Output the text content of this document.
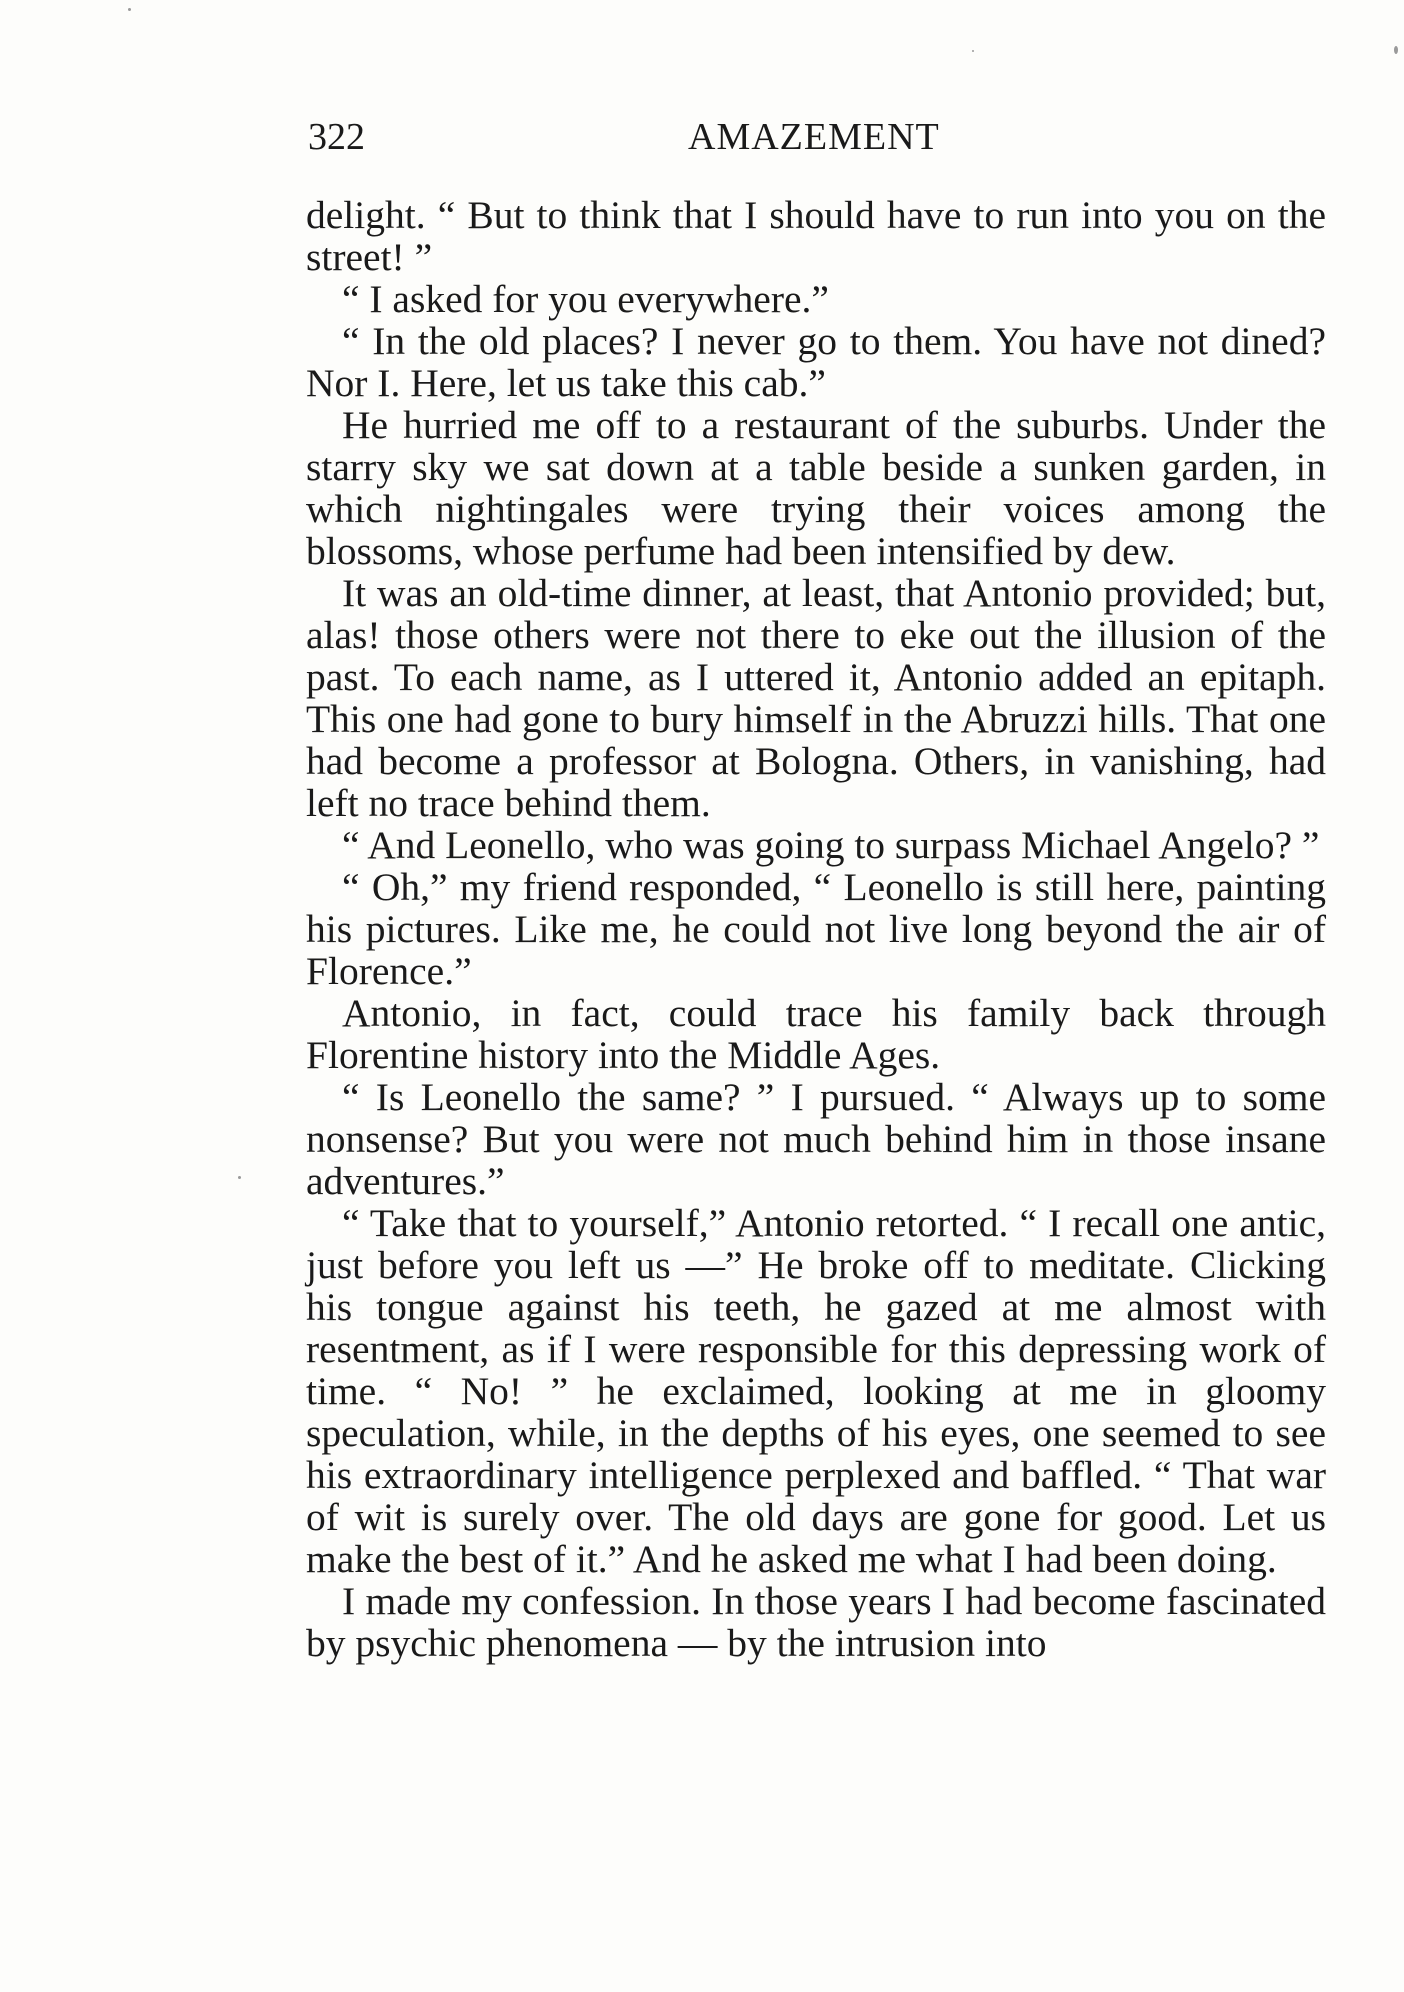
322	AMAZEMENT

delight. “ But to think that I should have to run into you on the street! ”

“ I asked for you everywhere.”

“ In the old places? I never go to them. You have not dined? Nor I. Here, let us take this cab.”

He hurried me off to a restaurant of the suburbs. Under the starry sky we sat down at a table beside a sunken garden, in which nightingales were trying their voices among the blossoms, whose perfume had been intensified by dew.

It was an old-time dinner, at least, that Antonio provided; but, alas! those others were not there to eke out the illusion of the past. To each name, as I uttered it, Antonio added an epitaph. This one had gone to bury himself in the Abruzzi hills. That one had become a professor at Bologna. Others, in vanishing, had left no trace behind them.

“ And Leonello, who was going to surpass Michael Angelo? ”

“ Oh,” my friend responded, “ Leonello is still here, painting his pictures. Like me, he could not live long beyond the air of Florence.”

Antonio, in fact, could trace his family back through Florentine history into the Middle Ages.

“ Is Leonello the same? ” I pursued. “ Always up to some nonsense? But you were not much behind him in those insane adventures.”

“ Take that to yourself,” Antonio retorted. “ I recall one antic, just before you left us —” He broke off to meditate. Clicking his tongue against his teeth, he gazed at me almost with resentment, as if I were responsible for this depressing work of time. “ No! ” he exclaimed, looking at me in gloomy speculation, while, in the depths of his eyes, one seemed to see his extraordinary intelligence perplexed and baffled. “ That war of wit is surely over. The old days are gone for good. Let us make the best of it.” And he asked me what I had been doing.

I made my confession. In those years I had become fascinated by psychic phenomena — by the intrusion into
